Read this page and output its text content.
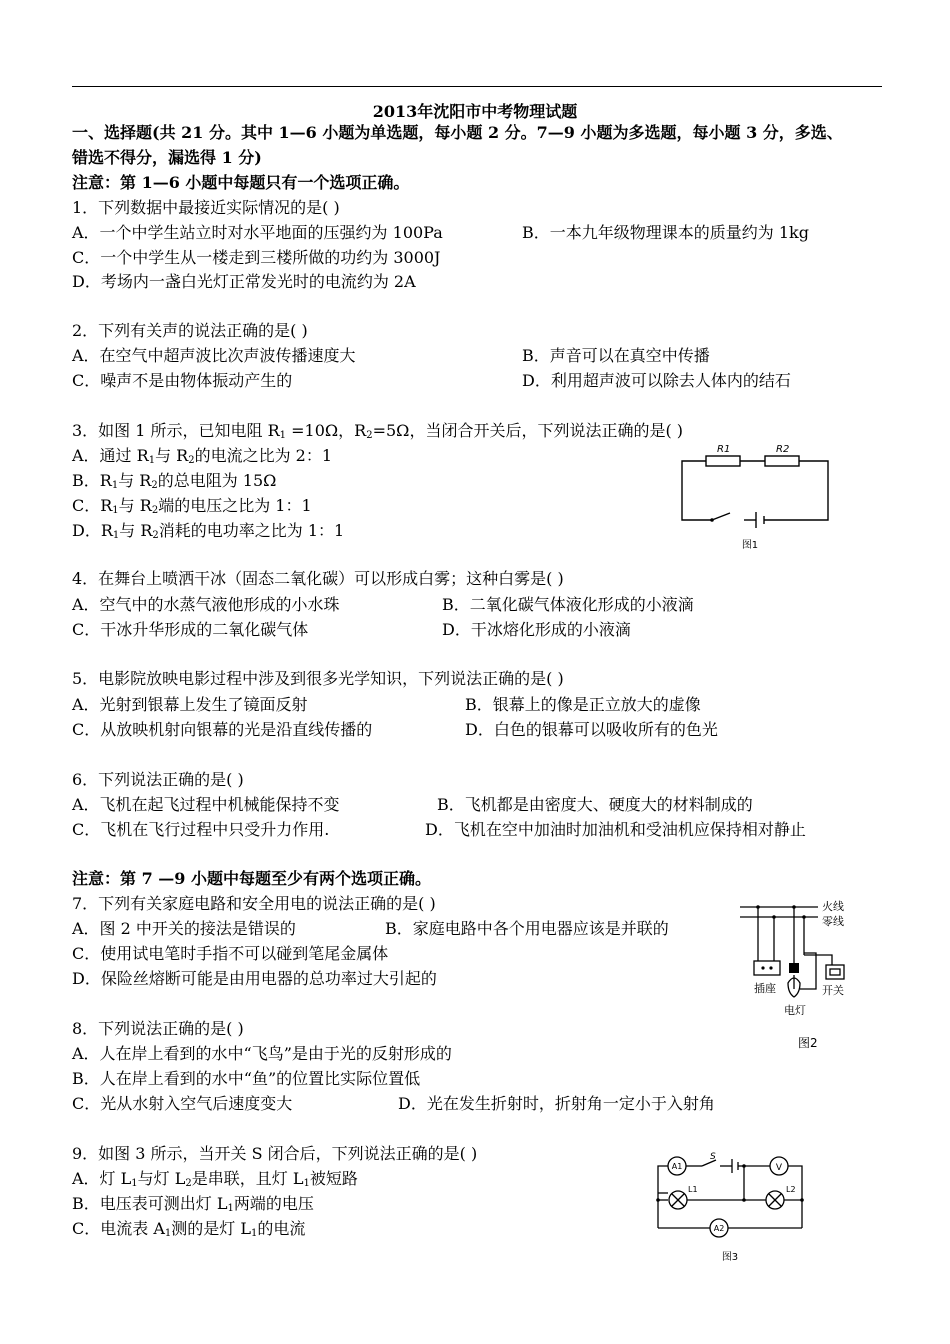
2013年沈阳市中考物理试题
一、选择题(共 21 分。其中 1—6 小题为单选题，每小题 2 分。7—9 小题为多选题，每小题 3 分，多选、
错选不得分，漏选得 1 分)
注意：第 1—6 小题中每题只有一个选项正确。
1．下列数据中最接近实际情况的是( )
A．一个中学生站立时对水平地面的压强约为 100Pa	B．一本九年级物理课本的质量约为 1kg
C．一个中学生从一楼走到三楼所做的功约为 3000J
D．考场内一盏白光灯正常发光时的电流约为 2A
2．下列有关声的说法正确的是( )
A．在空气中超声波比次声波传播速度大	B．声音可以在真空中传播
C．噪声不是由物体振动产生的	D．利用超声波可以除去人体内的结石
3．如图 1 所示，已知电阻 $R_1 =10\Omega$，$R_2=5\Omega$，当闭合开关后，下列说法正确的是( )
A．通过 $R_1$与 $R_2$的电流之比为 2：1
B．$R_1$与 $R_2$的总电阻为 15Ω
C．$R_1$与 $R_2$端的电压之比为 1：1
D．$R_1$与 $R_2$消耗的电功率之比为 1：1
R1	R2
图1
4．在舞台上喷洒干冰（固态二氧化碳）可以形成白雾；这种白雾是( )
A．空气中的水蒸气液他形成的小水珠	B．二氧化碳气体液化形成的小液滴
C．干冰升华形成的二氧化碳气体	D．干冰熔化形成的小液滴
5．电影院放映电影过程中涉及到很多光学知识，下列说法正确的是( )
A．光射到银幕上发生了镜面反射	B．银幕上的像是正立放大的虚像
C．从放映机射向银幕的光是沿直线传播的	D．白色的银幕可以吸收所有的色光
6．下列说法正确的是( )
A．飞机在起飞过程中机械能保持不变	B．飞机都是由密度大、硬度大的材料制成的
C．飞机在飞行过程中只受升力作用.	D．飞机在空中加油时加油机和受油机应保持相对静止
注意：第 7 —9 小题中每题至少有两个选项正确。
7．下列有关家庭电路和安全用电的说法正确的是( )
A．图 2 中开关的接法是错误的	B．家庭电路中各个用电器应该是并联的
C．使用试电笔时手指不可以碰到笔尾金属体
D．保险丝熔断可能是由用电器的总功率过大引起的
火线
零线
插座
电灯
开关
图2
8．下列说法正确的是( )
A．人在岸上看到的水中“飞鸟”是由于光的反射形成的
B．人在岸上看到的水中“鱼”的位置比实际位置低
C．光从水射入空气后速度变大	D．光在发生折射时，折射角一定小于入射角
9．如图 3 所示，当开关 S 闭合后，下列说法正确的是( )
A．灯 $L_1$与灯 $L_2$是串联，且灯 $L_1$被短路
B．电压表可测出灯 $L_1$两端的电压
C．电流表 $A_1$测的是灯 $L_1$的电流
A1
S
V
L1	L2
A2
图3
